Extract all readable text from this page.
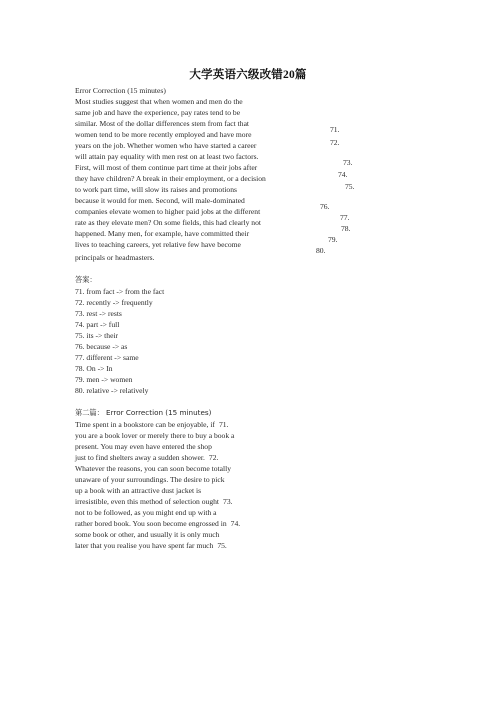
大学英语六级改错20篇
Error Correction (15 minutes)
Most studies suggest that when women and men do the
same job and have the experience, pay rates tend to be
similar. Most of the dollar differences stem from fact that
71.
women tend to be more recently employed and have more
72.
years on the job. Whether women who have started a career
will attain pay equality with men rest on at least two factors.
73.
First, will most of them continue part time at their jobs after
74.
they have children? A break in their employment, or a decision
75.
to work part time, will slow its raises and promotions
because it would for men. Second, will male-dominated
76.
companies elevate women to higher paid jobs at the different
77.
rate as they elevate men? On some fields, this had clearly not
78.
happened. Many men, for example, have committed their
79.
lives to teaching careers, yet relative few have become
80.
principals or headmasters.
答案：
71. from fact -> from the fact
72. recently -> frequently
73. rest -> rests
74. part -> full
75. its -> their
76. because -> as
77. different -> same
78. On -> In
79. men -> women
80. relative -> relatively
第二篇： Error Correction (15 minutes)
Time spent in a bookstore can be enjoyable, if 71.
you are a book lover or merely there to buy a book a
present. You may even have entered the shop
just to find shelters away a sudden shower. 72.
Whatever the reasons, you can soon become totally
unaware of your surroundings. The desire to pick
up a book with an attractive dust jacket is
irresistible, even this method of selection ought 73.
not to be followed, as you might end up with a
rather bored book. You soon become engrossed in 74.
some book or other, and usually it is only much
later that you realise you have spent far much 75.
